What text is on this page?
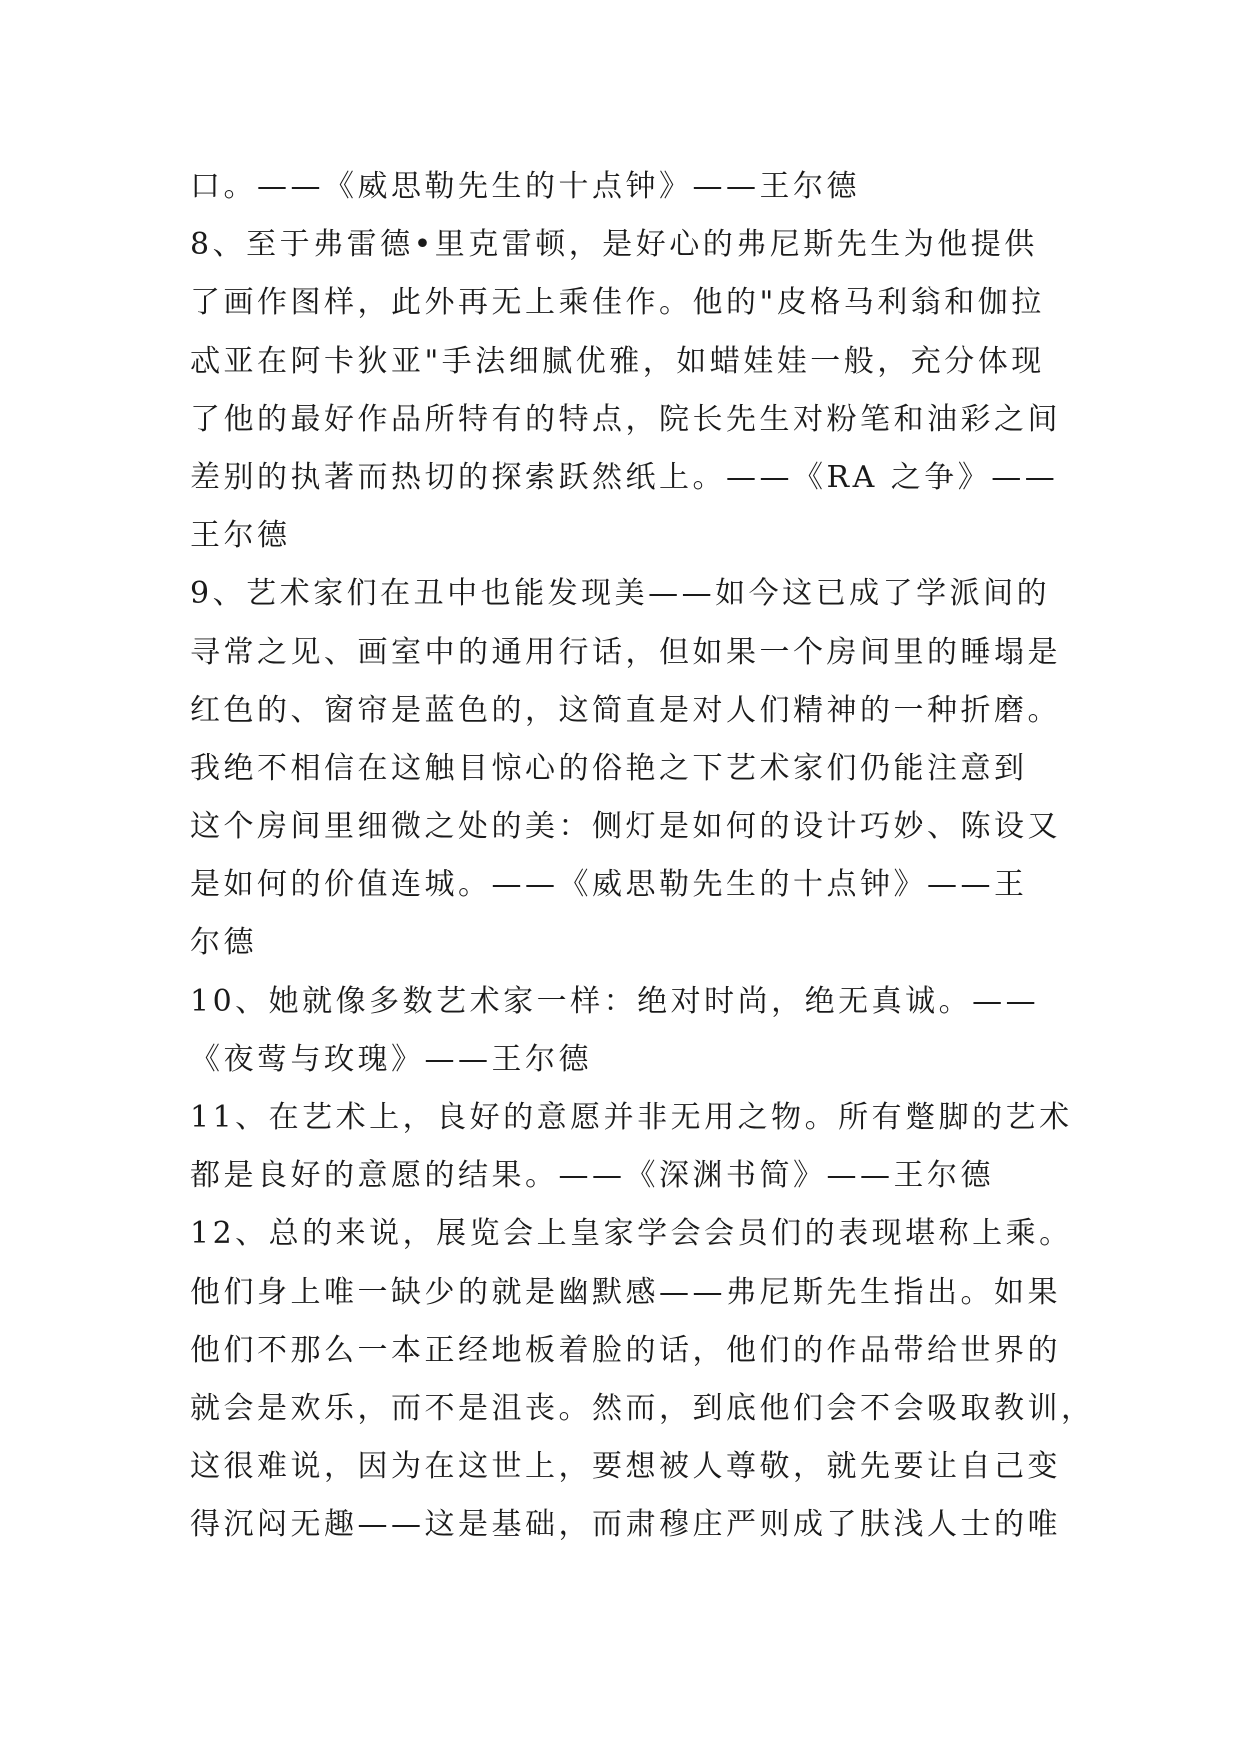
口。——《威思勒先生的十点钟》——王尔德
8、至于弗雷德•里克雷顿，是好心的弗尼斯先生为他提供
了画作图样，此外再无上乘佳作。他的"皮格马利翁和伽拉
忒亚在阿卡狄亚"手法细腻优雅，如蜡娃娃一般，充分体现
了他的最好作品所特有的特点，院长先生对粉笔和油彩之间
差别的执著而热切的探索跃然纸上。——《RA 之争》——
王尔德
9、艺术家们在丑中也能发现美——如今这已成了学派间的
寻常之见、画室中的通用行话，但如果一个房间里的睡塌是
红色的、窗帘是蓝色的，这简直是对人们精神的一种折磨。
我绝不相信在这触目惊心的俗艳之下艺术家们仍能注意到
这个房间里细微之处的美：侧灯是如何的设计巧妙、陈设又
是如何的价值连城。——《威思勒先生的十点钟》——王
尔德
10、她就像多数艺术家一样：绝对时尚，绝无真诚。——
《夜莺与玫瑰》——王尔德
11、在艺术上，良好的意愿并非无用之物。所有蹩脚的艺术
都是良好的意愿的结果。——《深渊书简》——王尔德
12、总的来说，展览会上皇家学会会员们的表现堪称上乘。
他们身上唯一缺少的就是幽默感——弗尼斯先生指出。如果
他们不那么一本正经地板着脸的话，他们的作品带给世界的
就会是欢乐，而不是沮丧。然而，到底他们会不会吸取教训，
这很难说，因为在这世上，要想被人尊敬，就先要让自己变
得沉闷无趣——这是基础，而肃穆庄严则成了肤浅人士的唯
